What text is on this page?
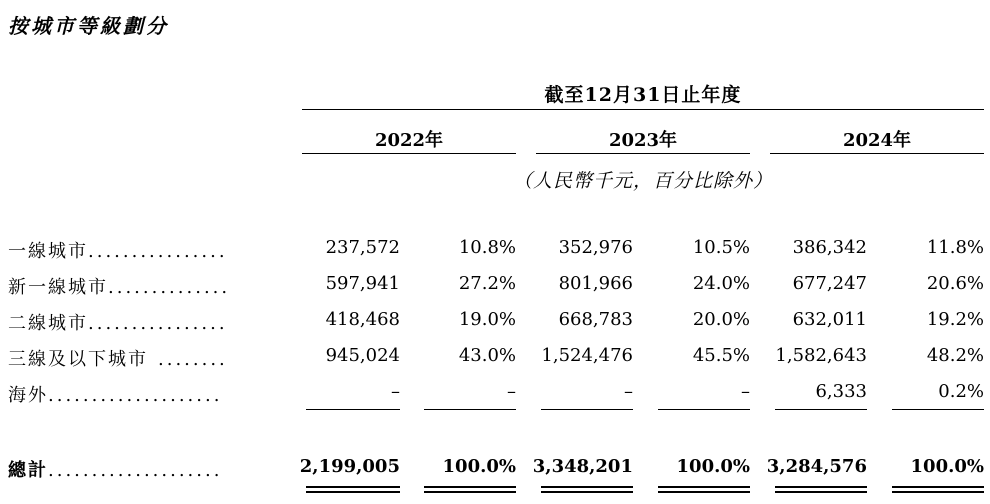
按城市等級劃分
截至12月31日止年度
2022年	2023年	2024年
（人民幣千元，百分比除外）
一線城市................	237,572	10.8% 352,976	10.5% 386,342	11.8%
新一線城市..............	597,941	27.2% 801,966	24.0% 677,247	20.6%
二線城市................	418,468	19.0% 668,783	20.0% 632,011	19.2%
三線及以下城市 ........	945,024	43.0% 1,524,476	45.5% 1,582,643	48.2%
海外....................	–	–	–	–	6,333	0.2%
總計....................	2,199,005 100.0% 3,348,201 100.0% 3,284,576 100.0%
